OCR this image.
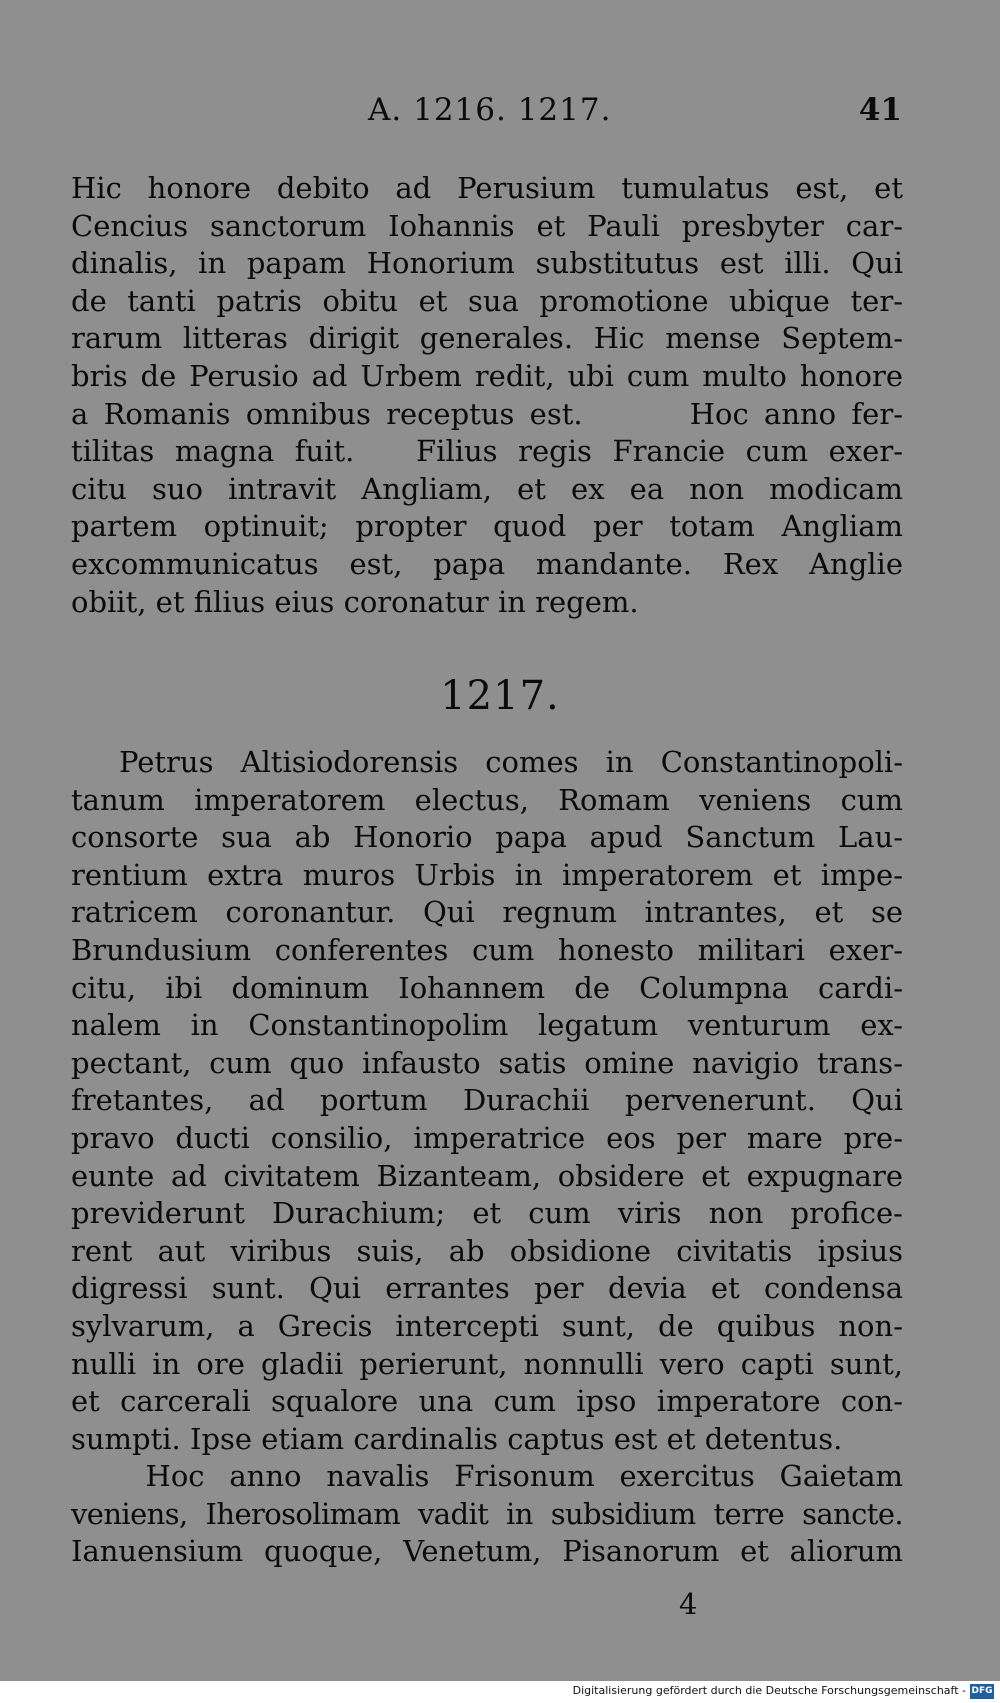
A. 1216. 1217.	41
Hic honore debito ad Perusium tumulatus est, et
Cencius sanctorum Iohannis et Pauli presbyter car-
dinalis, in papam Honorium substitutus est illi. Qui
de tanti patris obitu et sua promotione ubique ter-
rarum litteras dirigit generales. Hic mense Septem-
bris de Perusio ad Urbem redit, ubi cum multo honore
a Romanis omnibus receptus est.       Hoc anno fer-
tilitas magna fuit.   Filius regis Francie cum exer-
citu suo intravit Angliam, et ex ea non modicam
partem optinuit; propter quod per totam Angliam
excommunicatus est, papa mandante. Rex Anglie
obiit, et filius eius coronatur in regem.
1217.
Petrus Altisiodorensis comes in Constantinopoli-
tanum imperatorem electus, Romam veniens cum
consorte sua ab Honorio papa apud Sanctum Lau-
rentium extra muros Urbis in imperatorem et impe-
ratricem coronantur. Qui regnum intrantes, et se
Brundusium conferentes cum honesto militari exer-
citu, ibi dominum Iohannem de Columpna cardi-
nalem in Constantinopolim legatum venturum ex-
pectant, cum quo infausto satis omine navigio trans-
fretantes, ad portum Durachii pervenerunt. Qui
pravo ducti consilio, imperatrice eos per mare pre-
eunte ad civitatem Bizanteam, obsidere et expugnare
previderunt Durachium; et cum viris non profice-
rent aut viribus suis, ab obsidione civitatis ipsius
digressi sunt. Qui errantes per devia et condensa
sylvarum, a Grecis intercepti sunt, de quibus non-
nulli in ore gladii perierunt, nonnulli vero capti sunt,
et carcerali squalore una cum ipso imperatore con-
sumpti. Ipse etiam cardinalis captus est et detentus.
Hoc anno navalis Frisonum exercitus Gaietam
veniens, Iherosolimam vadit in subsidium terre sancte.
Ianuensium quoque, Venetum, Pisanorum et aliorum
4
Digitalisierung gefördert durch die Deutsche Forschungsgemeinschaft - DFG
